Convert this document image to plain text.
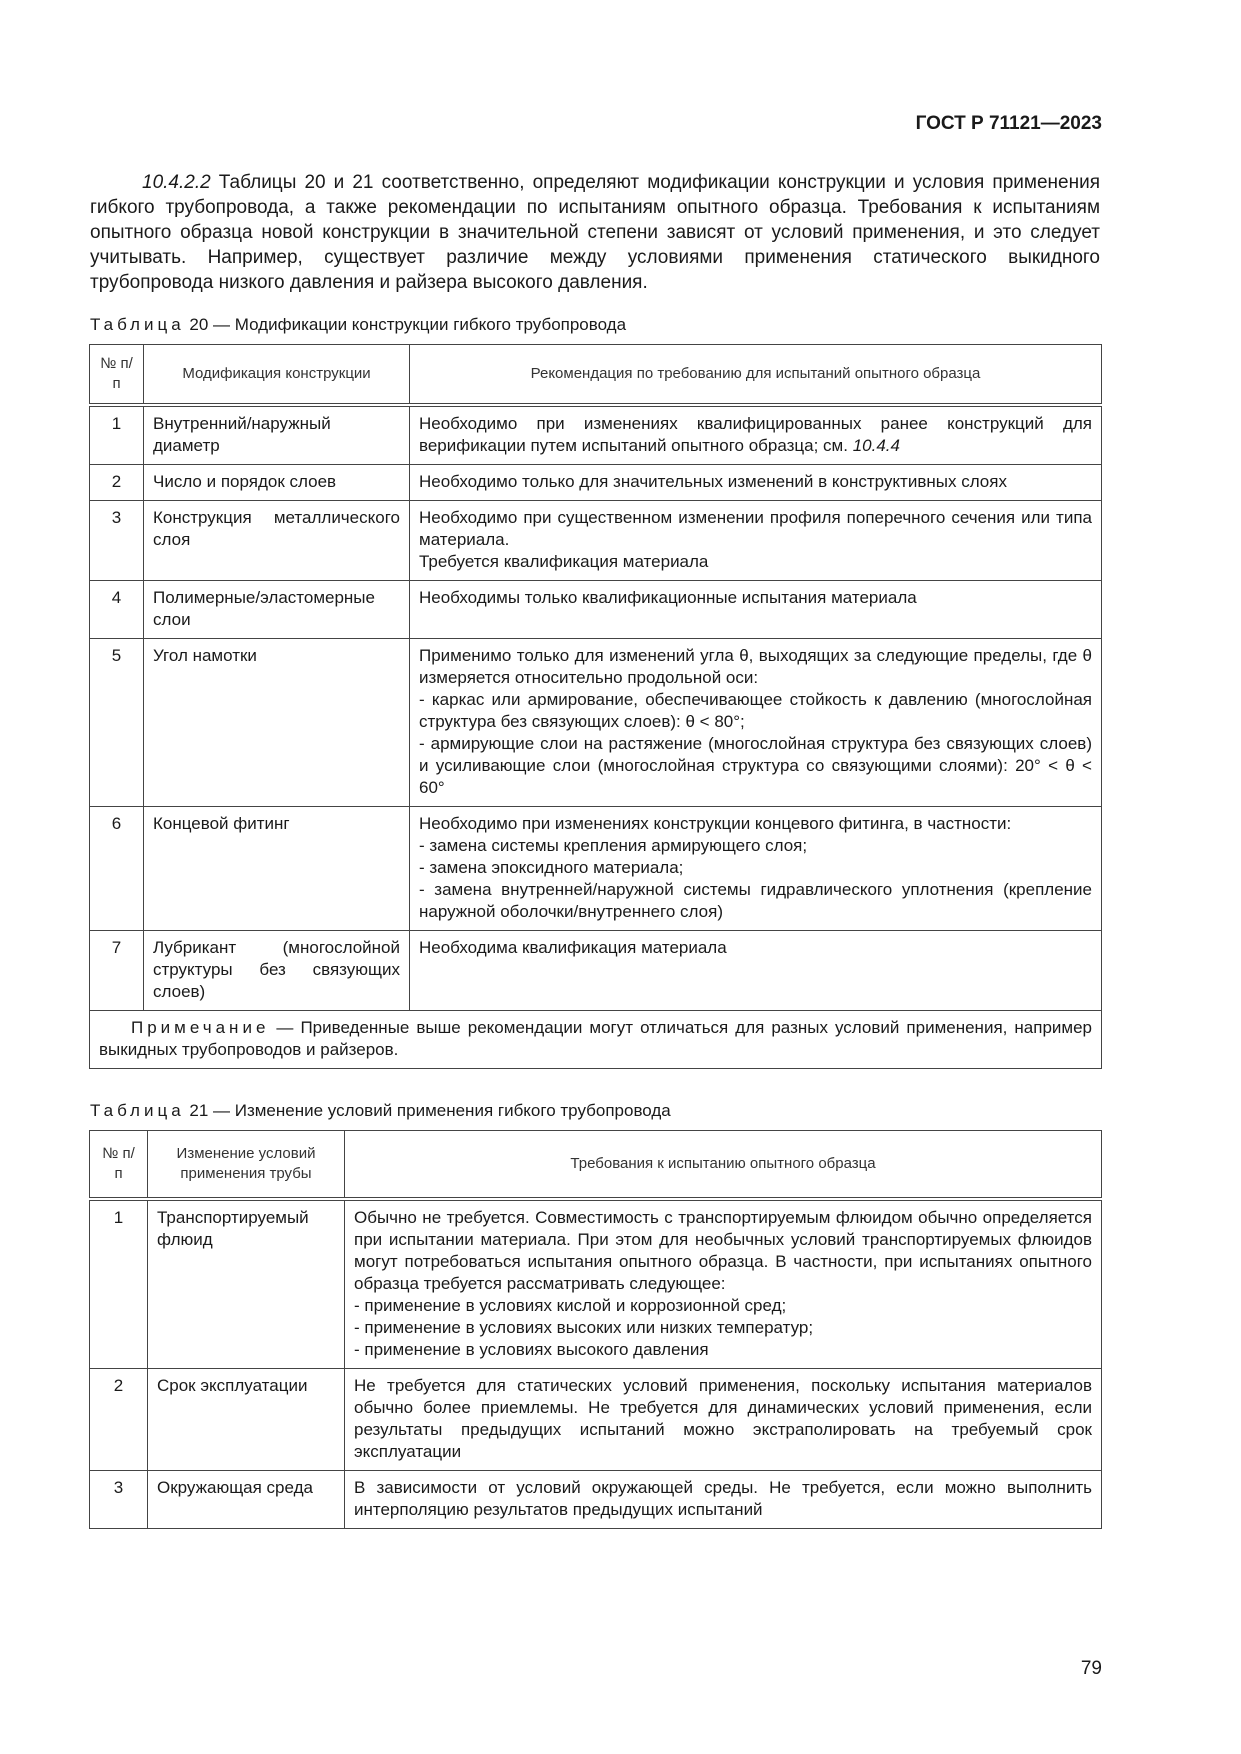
ГОСТ Р 71121—2023

10.4.2.2 Таблицы 20 и 21 соответственно, определяют модификации конструкции и условия применения гибкого трубопровода, а также рекомендации по испытаниям опытного образца. Требования к испытаниям опытного образца новой конструкции в значительной степени зависят от условий применения, и это следует учитывать. Например, существует различие между условиями применения статического выкидного трубопровода низкого давления и райзера высокого давления.

Таблица 20 — Модификации конструкции гибкого трубопровода
№ п/п	Модификация конструкции	Рекомендация по требованию для испытаний опытного образца
1	Внутренний/наружный диаметр	Необходимо при изменениях квалифицированных ранее конструкций для верификации путем испытаний опытного образца; см. 10.4.4
2	Число и порядок слоев	Необходимо только для значительных изменений в конструктивных слоях
3	Конструкция металлического слоя	Необходимо при существенном изменении профиля поперечного сечения или типа материала.
Требуется квалификация материала

4	Полимерные/эластомерные слои	Необходимы только квалификационные испытания материала
5	Угол намотки	Применимо только для изменений угла θ, выходящих за следующие пределы, где θ измеряется относительно продольной оси:
- каркас или армирование, обеспечивающее стойкость к давлению (многослойная структура без связующих слоев): θ < 80°;
- армирующие слои на растяжение (многослойная структура без связующих слоев) и усиливающие слои (многослойная структура со связующими слоями): 20° < θ < 60°

6	Концевой фитинг	Необходимо при изменениях конструкции концевого фитинга, в частности:
- замена системы крепления армирующего слоя;
- замена эпоксидного материала;
- замена внутренней/наружной системы гидравлического уплотнения (крепление наружной оболочки/внутреннего слоя)

7	Лубрикант (многослойной структуры без связующих слоев)	Необходима квалификация материала
Примечание — Приведенные выше рекомендации могут отличаться для разных условий применения, например выкидных трубопроводов и райзеров.		
Таблица 21 — Изменение условий применения гибкого трубопровода
№ п/п	Изменение условий применения трубы	Требования к испытанию опытного образца
1	Транспортируемый флюид	Обычно не требуется. Совместимость с транспортируемым флюидом обычно определяется при испытании материала. При этом для необычных условий транспортируемых флюидов могут потребоваться испытания опытного образца. В частности, при испытаниях опытного образца требуется рассматривать следующее:
- применение в условиях кислой и коррозионной сред;
- применение в условиях высоких или низких температур;
- применение в условиях высокого давления

2	Срок эксплуатации	Не требуется для статических условий применения, поскольку испытания материалов обычно более приемлемы. Не требуется для динамических условий применения, если результаты предыдущих испытаний можно экстраполировать на требуемый срок эксплуатации
3	Окружающая среда	В зависимости от условий окружающей среды. Не требуется, если можно выполнить интерполяцию результатов предыдущих испытаний
79
